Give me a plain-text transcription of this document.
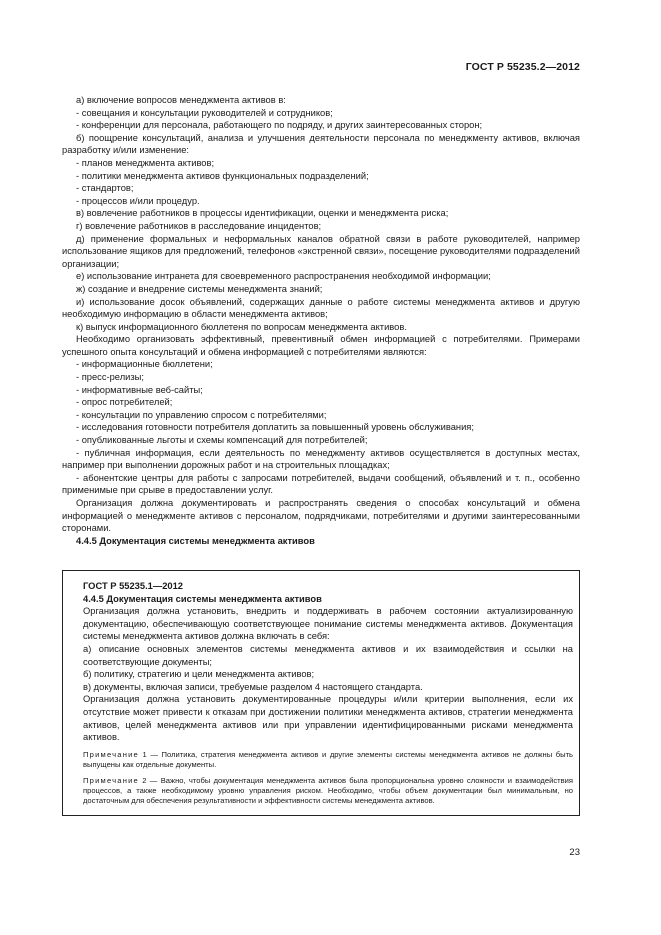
ГОСТ Р 55235.2—2012

а) включение вопросов менеджмента активов в:

- совещания и консультации руководителей и сотрудников;

- конференции для персонала, работающего по подряду, и других заинтересованных сторон;

б) поощрение консультаций, анализа и улучшения деятельности персонала по менеджменту активов, включая разработку и/или изменение:

- планов менеджмента активов;

- политики менеджмента активов функциональных подразделений;

- стандартов;

- процессов и/или процедур.

в) вовлечение работников в процессы идентификации, оценки и менеджмента риска;

г) вовлечение работников в расследование инцидентов;

д) применение формальных и неформальных каналов обратной связи в работе руководителей, например использование ящиков для предложений, телефонов «экстренной связи», посещение руководителями подразделений организации;

е) использование интранета для своевременного распространения необходимой информации;

ж) создание и внедрение системы менеджмента знаний;

и) использование досок объявлений, содержащих данные о работе системы менеджмента активов и другую необходимую информацию в области менеджмента активов;

к) выпуск информационного бюллетеня по вопросам менеджмента активов.

Необходимо организовать эффективный, превентивный обмен информацией с потребителями. Примерами успешного опыта консультаций и обмена информацией с потребителями являются:

- информационные бюллетени;

- пресс-релизы;

- информативные веб-сайты;

- опрос потребителей;

- консультации по управлению спросом с потребителями;

- исследования готовности потребителя доплатить за повышенный уровень обслуживания;

- опубликованные льготы и схемы компенсаций для потребителей;

- публичная информация, если деятельность по менеджменту активов осуществляется в доступных местах, например при выполнении дорожных работ и на строительных площадках;

- абонентские центры для работы с запросами потребителей, выдачи сообщений, объявлений и т. п., особенно применимые при срыве в предоставлении услуг.

Организация должна документировать и распространять сведения о способах консультаций и обмена информацией о менеджменте активов с персоналом, подрядчиками, потребителями и другими заинтересованными сторонами.

4.4.5 Документация системы менеджмента активов

ГОСТ Р 55235.1—2012

4.4.5 Документация системы менеджмента активов

Организация должна установить, внедрить и поддерживать в рабочем состоянии актуализированную документацию, обеспечивающую соответствующее понимание системы менеджмента активов. Документация системы менеджмента активов должна включать в себя:

а) описание основных элементов системы менеджмента активов и их взаимодействия и ссылки на соответствующие документы;

б) политику, стратегию и цели менеджмента активов;

в) документы, включая записи, требуемые разделом 4 настоящего стандарта.

Организация должна установить документированные процедуры и/или критерии выполнения, если их отсутствие может привести к отказам при достижении политики менеджмента активов, стратегии менеджмента активов, целей менеджмента активов или при управлении идентифицированными рисками менеджмента активов.

Примечание 1 — Политика, стратегия менеджмента активов и другие элементы системы менеджмента активов не должны быть выпущены как отдельные документы.

Примечание 2 — Важно, чтобы документация менеджмента активов была пропорциональна уровню сложности и взаимодействия процессов, а также необходимому уровню управления риском. Необходимо, чтобы объем документации был минимальным, но достаточным для обеспечения результативности и эффективности системы менеджмента активов.

23
